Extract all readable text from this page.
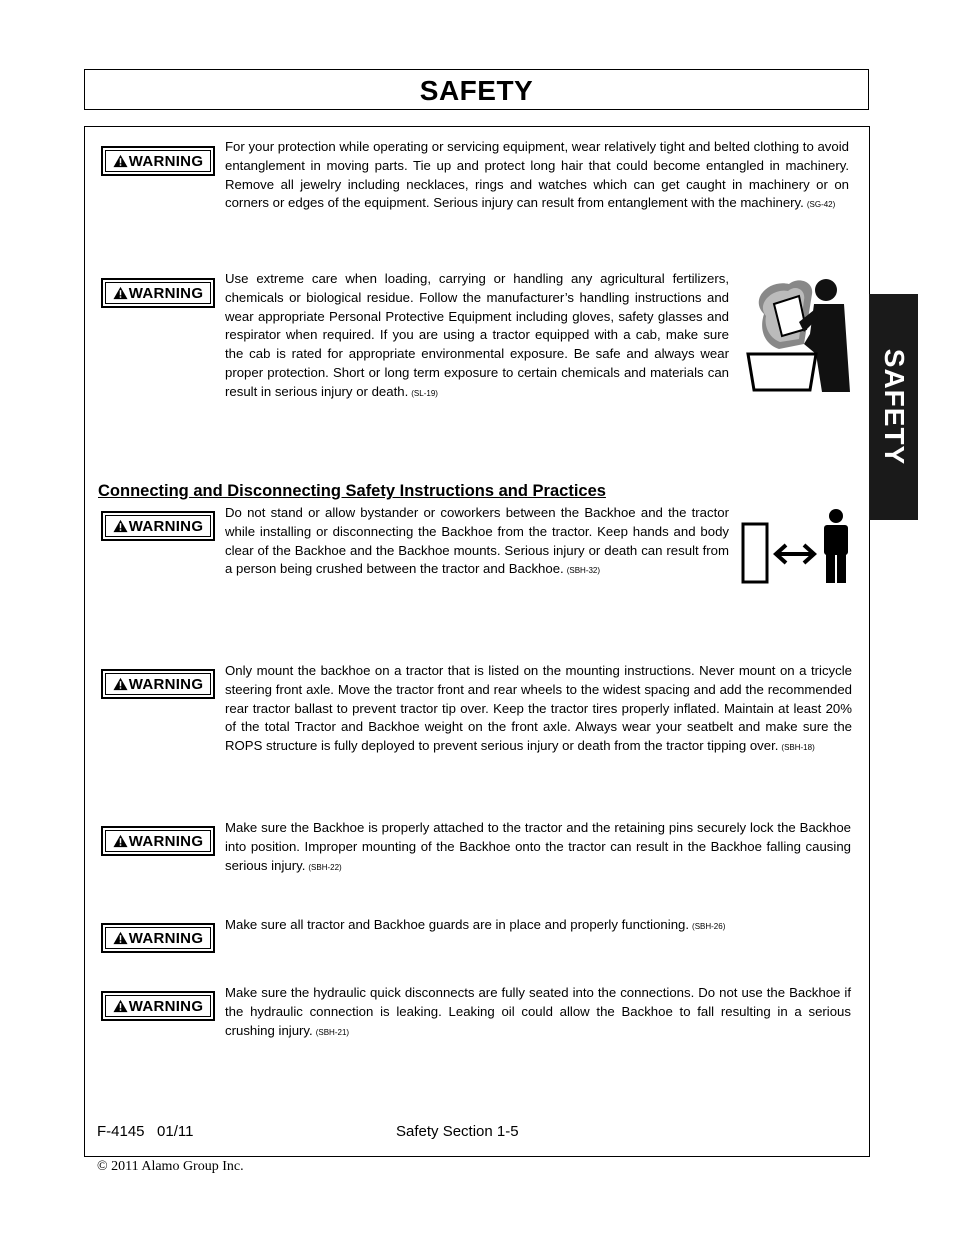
SAFETY
SAFETY
WARNING
WARNING
WARNING
WARNING
WARNING
WARNING
WARNING
For your protection while operating or servicing equipment, wear relatively tight and belted clothing to avoid entanglement in moving parts. Tie up and protect long hair that could become entangled in machinery. Remove all jewelry including necklaces, rings and watches which can get caught in machinery or on corners or edges of the equipment. Serious injury can result from entanglement with the machinery. (SG-42)
Use extreme care when loading, carrying or handling any agricultural fertilizers, chemicals or biological residue. Follow the manufacturer’s handling instructions and wear appropriate Personal Protective Equipment including gloves, safety glasses and respirator when required. If you are using a tractor equipped with a cab, make sure the cab is rated for appropriate environmental exposure. Be safe and always wear proper protection. Short or long term exposure to certain chemicals and materials can result in serious injury or death. (SL-19)
Connecting and Disconnecting Safety Instructions and Practices
Do not stand or allow bystander or coworkers between the Backhoe and the tractor while installing or disconnecting the Backhoe from the tractor. Keep hands and body clear of the Backhoe and the Backhoe mounts. Serious injury or death can result from a person being crushed between the tractor and Backhoe. (SBH-32)
Only mount the backhoe on a tractor that is listed on the mounting instructions. Never mount on a tricycle steering front axle. Move the tractor front and rear wheels to the widest spacing and add the recommended rear tractor ballast to prevent tractor tip over. Keep the tractor tires properly inflated. Maintain at least 20% of the total Tractor and Backhoe weight on the front axle. Always wear your seatbelt and make sure the ROPS structure is fully deployed to prevent serious injury or death from the tractor tipping over. (SBH-18)
Make sure the Backhoe is properly attached to the tractor and the retaining pins securely lock the Backhoe into position. Improper mounting of the Backhoe onto the tractor can result in the Backhoe falling causing serious injury. (SBH-22)
Make sure all tractor and Backhoe guards are in place and properly functioning. (SBH-26)
Make sure the hydraulic quick disconnects are fully seated into the connections. Do not use the Backhoe if the hydraulic connection is leaking. Leaking oil could allow the Backhoe to fall resulting in a serious crushing injury. (SBH-21)
F-4145   01/11	Safety Section 1-5
© 2011 Alamo Group Inc.
